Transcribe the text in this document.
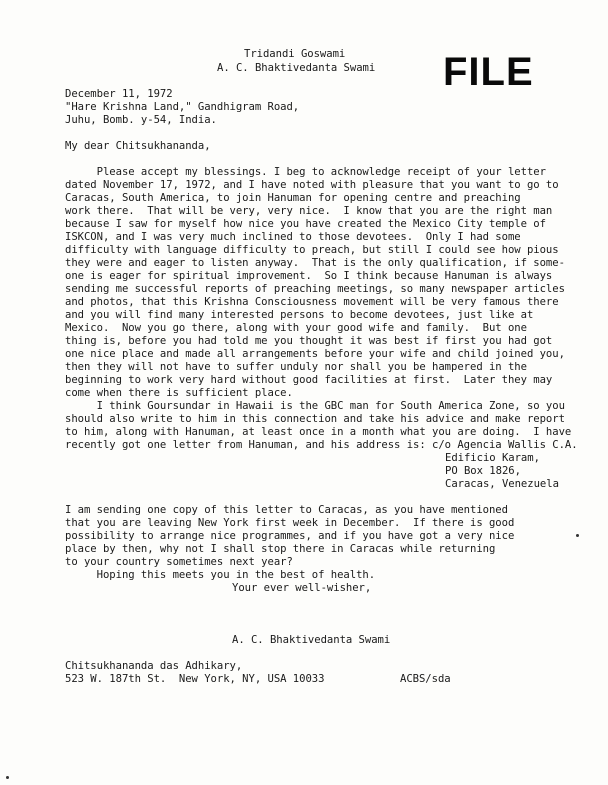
Tridandi Goswami
A. C. Bhaktivedanta Swami FILE
December 11, 1972
"Hare Krishna Land," Gandhigram Road,
Juhu, Bomb. y-54, India.
My dear Chitsukhananda,
Please accept my blessings. I beg to acknowledge receipt of your letter
dated November 17, 1972, and I have noted with pleasure that you want to go to
Caracas, South America, to join Hanuman for opening centre and preaching
work there.  That will be very, very nice.  I know that you are the right man
because I saw for myself how nice you have created the Mexico City temple of
ISKCON, and I was very much inclined to those devotees.  Only I had some
difficulty with language difficulty to preach, but still I could see how pious
they were and eager to listen anyway.  That is the only qualification, if some-
one is eager for spiritual improvement.  So I think because Hanuman is always
sending me successful reports of preaching meetings, so many newspaper articles
and photos, that this Krishna Consciousness movement will be very famous there
and you will find many interested persons to become devotees, just like at
Mexico.  Now you go there, along with your good wife and family.  But one
thing is, before you had told me you thought it was best if first you had got
one nice place and made all arrangements before your wife and child joined you,
then they will not have to suffer unduly nor shall you be hampered in the
beginning to work very hard without good facilities at first.  Later they may
come when there is sufficient place.
I think Goursundar in Hawaii is the GBC man for South America Zone, so you
should also write to him in this connection and take his advice and make report
to him, along with Hanuman, at least once in a month what you are doing.  I have
recently got one letter from Hanuman, and his address is: c/o Agencia Wallis C.A.
Edificio Karam,
PO Box 1826,
Caracas, Venezuela
I am sending one copy of this letter to Caracas, as you have mentioned
that you are leaving New York first week in December.  If there is good
possibility to arrange nice programmes, and if you have got a very nice
place by then, why not I shall stop there in Caracas while returning
to your country sometimes next year?
Hoping this meets you in the best of health.
Your ever well-wisher,
A. C. Bhaktivedanta Swami
Chitsukhananda das Adhikary,
523 W. 187th St.  New York, NY, USA 10033	ACBS/sda
